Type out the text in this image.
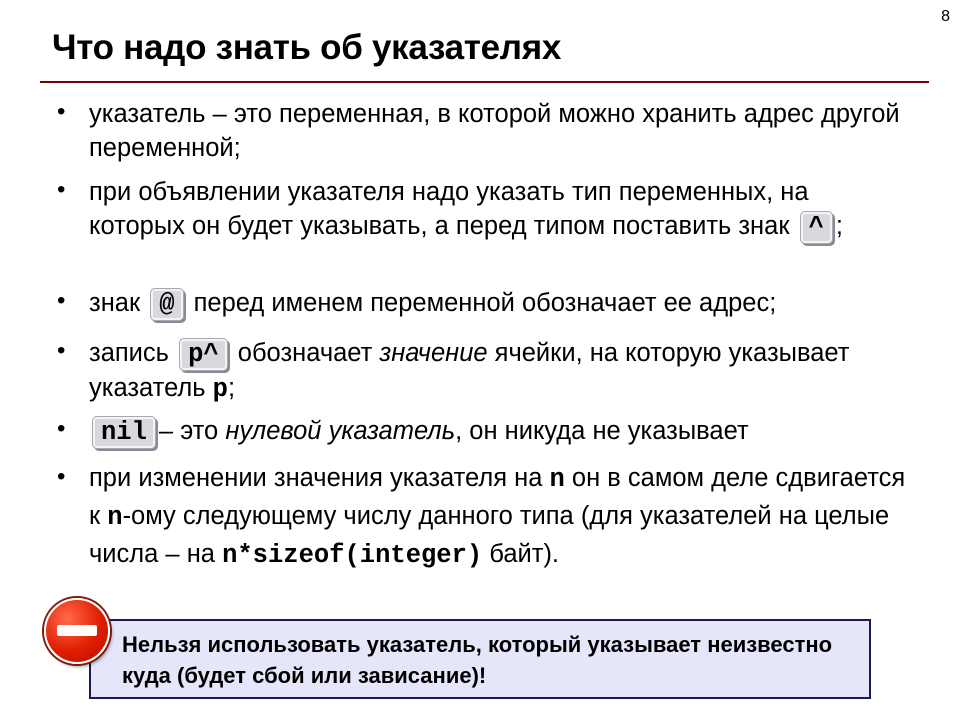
8
Что надо знать об указателях
• указатель – это переменная, в которой можно хранить адрес другой переменной;
• при объявлении указателя надо указать тип переменных, на которых он будет указывать, а перед типом поставить знак ^ ;
• знак @ перед именем переменной обозначает ее адрес;
• запись p^ обозначает значение ячейки, на которую указывает указатель p;
• nil – это нулевой указатель, он никуда не указывает
• при изменении значения указателя на n он в самом деле сдвигается к n-ому следующему числу данного типа (для указателей на целые числа – на n*sizeof(integer) байт).
Нельзя использовать указатель, который указывает неизвестно куда (будет сбой или зависание)!
